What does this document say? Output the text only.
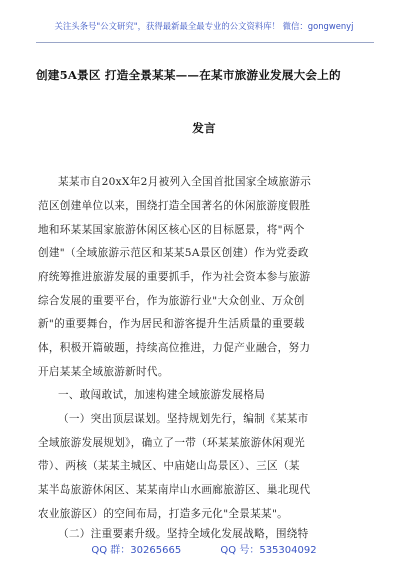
关注头条号"公文研究"，获得最新最全最专业的公文资料库！ 微信：gongwenyj
创建5A景区 打造全景某某——在某市旅游业发展大会上的
发言
某某市自20xX年2月被列入全国首批国家全域旅游示
范区创建单位以来，围绕打造全国著名的休闲旅游度假胜
地和环某某国家旅游休闲区核心区的目标愿景，将"两个
创建"（全域旅游示范区和某某5A景区创建）作为党委政
府统筹推进旅游发展的重要抓手，作为社会资本参与旅游
综合发展的重要平台，作为旅游行业"大众创业、万众创
新"的重要舞台，作为居民和游客提升生活质量的重要载
体，积极开篇破题，持续高位推进，力促产业融合，努力
开启某某全域旅游新时代。
一、敢闯敢试，加速构建全域旅游发展格局
（一）突出顶层谋划。坚持规划先行，编制《某某市
全域旅游发展规划》，确立了一带（环某某旅游休闲观光
带）、两核（某某主城区、中庙姥山岛景区）、三区（某
某半岛旅游休闲区、某某南岸山水画廊旅游区、巢北现代
农业旅游区）的空间布局，打造多元化"全景某某"。
（二）注重要素升级。坚持全域化发展战略，围绕特
QQ 群：30265665	QQ 号：535304092
